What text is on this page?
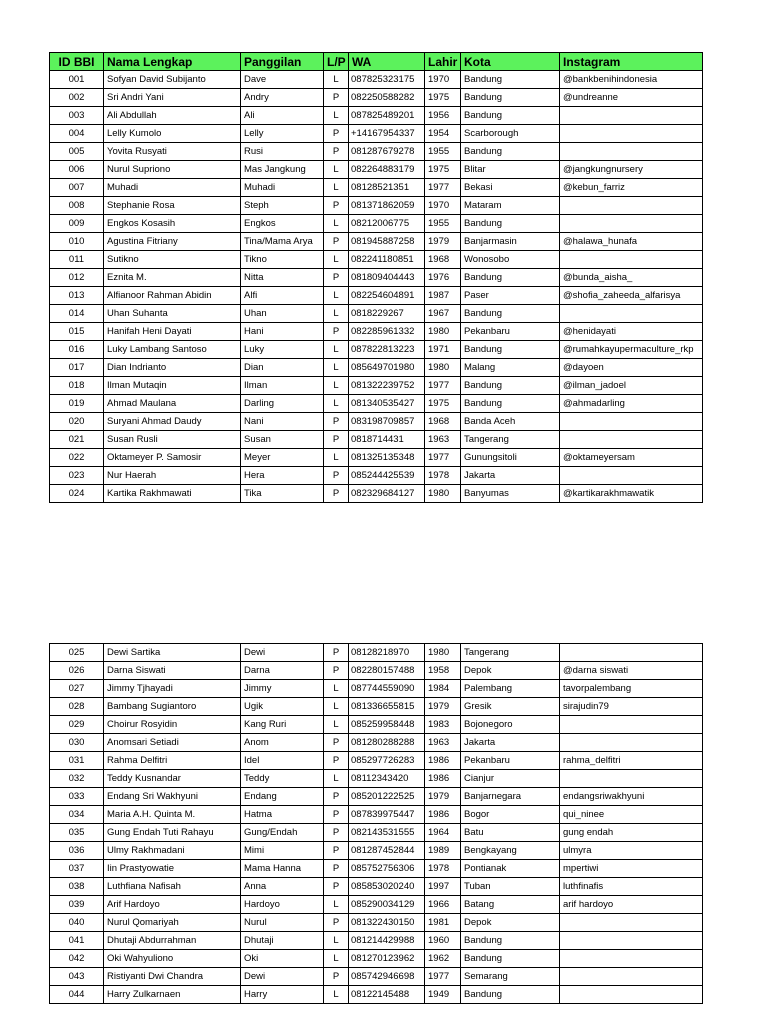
ID BBI	Nama Lengkap	Panggilan	L/P	WA	Lahir	Kota	Instagram
001	Sofyan David Subijanto	Dave	L	087825323175	1970	Bandung	@bankbenihindonesia
002	Sri Andri Yani	Andry	P	082250588282	1975	Bandung	@undreanne
003	Ali Abdullah	Ali	L	087825489201	1956	Bandung	
004	Lelly Kumolo	Lelly	P	+14167954337	1954	Scarborough	
005	Yovita Rusyati	Rusi	P	081287679278	1955	Bandung	
006	Nurul Supriono	Mas Jangkung	L	082264883179	1975	Blitar	@jangkungnursery
007	Muhadi	Muhadi	L	08128521351	1977	Bekasi	@kebun_farriz
008	Stephanie Rosa	Steph	P	081371862059	1970	Mataram	
009	Engkos Kosasih	Engkos	L	08212006775	1955	Bandung	
010	Agustina Fitriany	Tina/Mama Arya	P	081945887258	1979	Banjarmasin	@halawa_hunafa
011	Sutikno	Tikno	L	082241180851	1968	Wonosobo	
012	Eznita M.	Nitta	P	081809404443	1976	Bandung	@bunda_aisha_
013	Alfianoor Rahman Abidin	Alfi	L	082254604891	1987	Paser	@shofia_zaheeda_alfarisya
014	Uhan Suhanta	Uhan	L	0818229267	1967	Bandung	
015	Hanifah Heni Dayati	Hani	P	082285961332	1980	Pekanbaru	@henidayati
016	Luky Lambang Santoso	Luky	L	087822813223	1971	Bandung	@rumahkayupermaculture_rkp
017	Dian Indrianto	Dian	L	085649701980	1980	Malang	@dayoen
018	Ilman Mutaqin	Ilman	L	081322239752	1977	Bandung	@ilman_jadoel
019	Ahmad Maulana	Darling	L	081340535427	1975	Bandung	@ahmadarling
020	Suryani Ahmad Daudy	Nani	P	083198709857	1968	Banda Aceh	
021	Susan Rusli	Susan	P	0818714431	1963	Tangerang	
022	Oktameyer P. Samosir	Meyer	L	081325135348	1977	Gunungsitoli	@oktameyersam
023	Nur Haerah	Hera	P	085244425539	1978	Jakarta	
024	Kartika Rakhmawati	Tika	P	082329684127	1980	Banyumas	@kartikarakhmawatik
025	Dewi Sartika	Dewi	P	08128218970	1980	Tangerang	
026	Darna Siswati	Darna	P	082280157488	1958	Depok	@darna siswati
027	Jimmy Tjhayadi	Jimmy	L	087744559090	1984	Palembang	tavorpalembang
028	Bambang Sugiantoro	Ugik	L	081336655815	1979	Gresik	sirajudin79
029	Choirur Rosyidin	Kang Ruri	L	085259958448	1983	Bojonegoro	
030	Anomsari Setiadi	Anom	P	081280288288	1963	Jakarta	
031	Rahma Delfitri	Idel	P	085297726283	1986	Pekanbaru	rahma_delfitri
032	Teddy Kusnandar	Teddy	L	08112343420	1986	Cianjur	
033	Endang Sri Wakhyuni	Endang	P	085201222525	1979	Banjarnegara	endangsriwakhyuni
034	Maria A.H. Quinta M.	Hatma	P	087839975447	1986	Bogor	qui_ninee
035	Gung Endah Tuti Rahayu	Gung/Endah	P	082143531555	1964	Batu	gung endah
036	Ulmy Rakhmadani	Mimi	P	081287452844	1989	Bengkayang	ulmyra
037	Iin Prastyowatie	Mama Hanna	P	085752756306	1978	Pontianak	mpertiwi
038	Luthfiana Nafisah	Anna	P	085853020240	1997	Tuban	luthfinafis
039	Arif Hardoyo	Hardoyo	L	085290034129	1966	Batang	arif hardoyo
040	Nurul Qomariyah	Nurul	P	081322430150	1981	Depok	
041	Dhutaji Abdurrahman	Dhutaji	L	081214429988	1960	Bandung	
042	Oki Wahyuliono	Oki	L	081270123962	1962	Bandung	
043	Ristiyanti Dwi Chandra	Dewi	P	085742946698	1977	Semarang	
044	Harry Zulkarnaen	Harry	L	08122145488	1949	Bandung	
